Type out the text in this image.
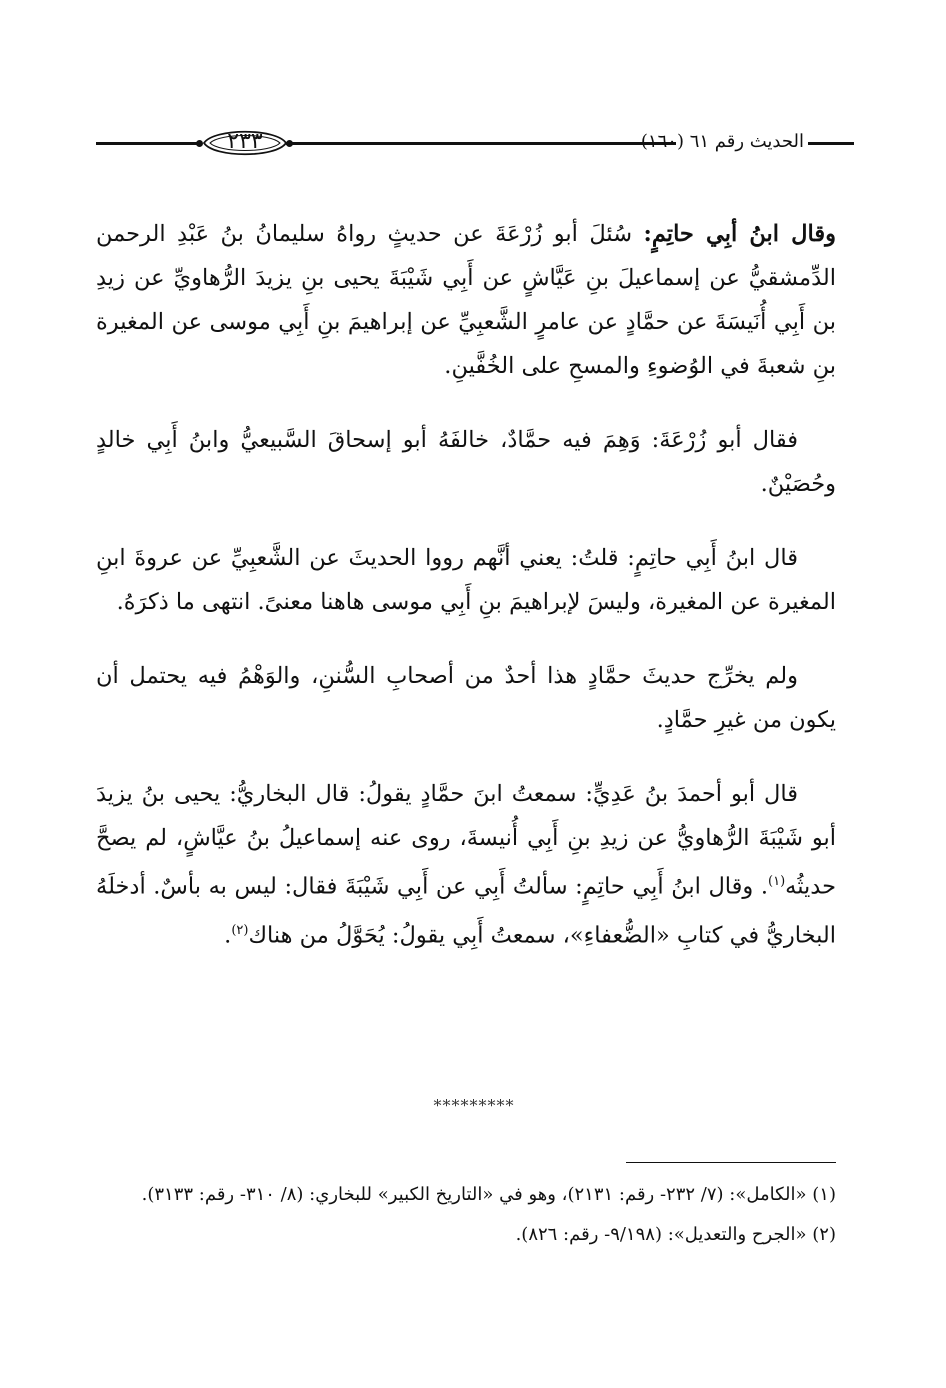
٢٣٣	الحديث رقم ٦١ (١٦٠)

وقال ابنُ أبِي حاتِمٍ: سُئلَ أبو زُرْعَةَ عن حديثٍ رواهُ سليمانُ بنُ عَبْدِ الرحمن الدِّمشقيُّ عن إسماعيلَ بنِ عَيَّاشٍ عن أَبِي شَيْبَةَ يحيى بنِ يزيدَ الرُّهاويِّ عن زيدِ بن أَبِي أُنَيسَةَ عن حمَّادٍ عن عامرٍ الشَّعبِيِّ عن إبراهيمَ بنِ أَبِي موسى عن المغيرة بنِ شعبةَ في الوُضوءِ والمسحِ على الخُفَّينِ.

فقال أبو زُرْعَةَ: وَهِمَ فيه حمَّادٌ، خالفَهُ أبو إسحاقَ السَّبيعيُّ وابنُ أَبِي خالدٍ وحُصَيْنٌ.

قال ابنُ أَبِي حاتِمٍ: قلتُ: يعني أنَّهم رووا الحديثَ عن الشَّعبِيِّ عن عروةَ ابنِ المغيرة عن المغيرة، وليسَ لإبراهيمَ بنِ أَبِي موسى هاهنا معنىً. انتهى ما ذكرَهُ.

ولم يخرِّج حديثَ حمَّادٍ هذا أحدٌ من أصحابِ السُّننِ، والوَهْمُ فيه يحتمل أن يكون من غيرِ حمَّادٍ.

قال أبو أحمدَ بنُ عَدِيٍّ: سمعتُ ابنَ حمَّادٍ يقولُ: قال البخاريُّ: يحيى بنُ يزيدَ أبو شَيْبَةَ الرُّهاويُّ عن زيدِ بنِ أَبِي أُنيسةَ، روى عنه إسماعيلُ بنُ عيَّاشٍ، لم يصحَّ حديثُه$^{(١)}$. وقال ابنُ أَبِي حاتِمٍ: سألتُ أَبِي عن أَبِي شَيْبَةَ فقال: ليس به بأسٌ. أدخلَهُ البخاريُّ في كتابِ «الضُّعفاءِ»، سمعتُ أَبِي يقولُ: يُحَوَّلُ من هناك$^{(٢)}$.

*********

(١) «الكامل»: (٧/ ٢٣٢- رقم: ٢١٣١)، وهو في «التاريخ الكبير» للبخاري: (٨/ ٣١٠- رقم: ٣١٣٣).

(٢) «الجرح والتعديل»: (٩/١٩٨- رقم: ٨٢٦).
